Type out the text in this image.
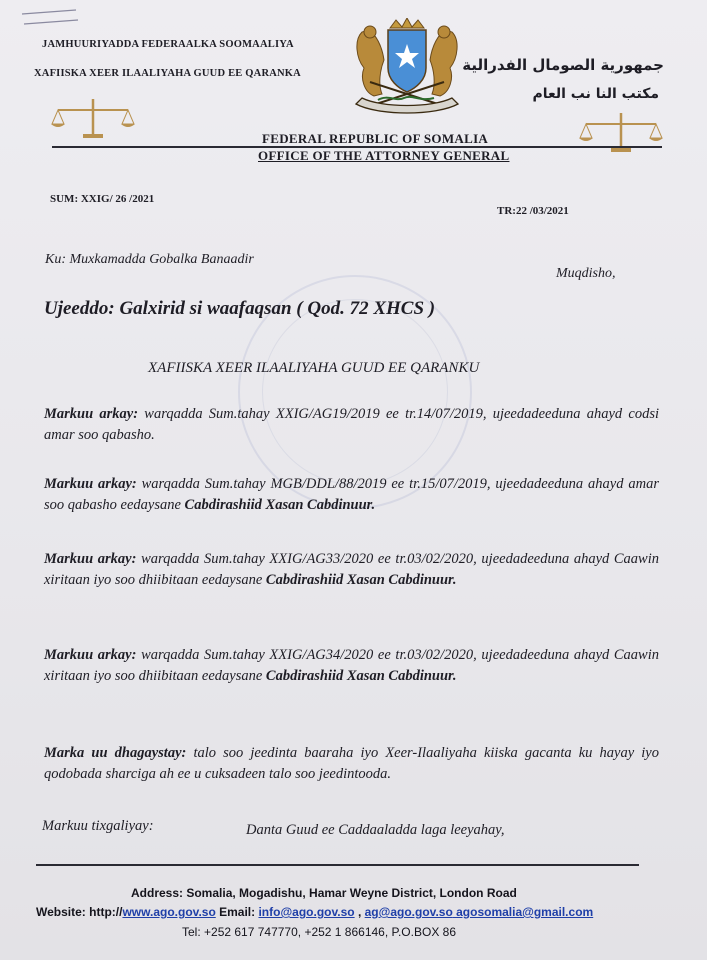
JAMHUURIYADDA FEDERAALKA SOOMAALIYA
XAFIISKA XEER ILAALIYAHA GUUD EE QARANKA	جمهورية الصومال الفدرالية
مكتب النا نب العام
FEDERAL REPUBLIC OF SOMALIA
OFFICE OF THE ATTORNEY GENERAL
SUM: XXIG/ 26 /2021
TR:22 /03/2021
Ku: Muxkamadda Gobalka Banaadir
Muqdisho,
Ujeeddo: Galxirid si waafaqsan ( Qod. 72 XHCS )
XAFIISKA XEER ILAALIYAHA GUUD EE QARANKU
Markuu arkay: warqadda Sum.tahay XXIG/AG19/2019 ee tr.14/07/2019, ujeedadeeduna ahayd codsi amar soo qabasho.
Markuu arkay: warqadda Sum.tahay MGB/DDL/88/2019 ee tr.15/07/2019, ujeedadeeduna ahayd amar soo qabasho eedaysane Cabdirashiid Xasan Cabdinuur.
Markuu arkay: warqadda Sum.tahay XXIG/AG33/2020 ee tr.03/02/2020, ujeedadeeduna ahayd Caawin xiritaan iyo soo dhiibitaan eedaysane Cabdirashiid Xasan Cabdinuur.
Markuu arkay: warqadda Sum.tahay XXIG/AG34/2020 ee tr.03/02/2020, ujeedadeeduna ahayd Caawin xiritaan iyo soo dhiibitaan eedaysane Cabdirashiid Xasan Cabdinuur.
Marka uu dhagaystay: talo soo jeedinta baaraha iyo Xeer-Ilaaliyaha kiiska gacanta ku hayay iyo qodobada sharciga ah ee u cuksadeen talo soo jeedintooda.
Markuu tixgaliyay:	Danta Guud ee Caddaaladda laga leeyahay,
Address: Somalia, Mogadishu, Hamar Weyne District, London Road
Website: http://www.ago.gov.so Email: info@ago.gov.so , ag@ago.gov.so agosomalia@gmail.com
Tel: +252 617 747770, +252 1 866146, P.O.BOX 86
